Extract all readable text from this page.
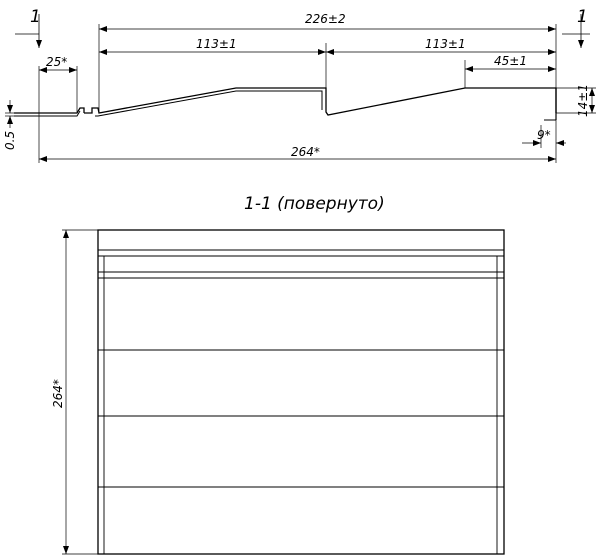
1	1
226±2
113±1	113±1
45±1
25*
9*
264*
14±1
0.5
1-1 (повернуто)
264*
